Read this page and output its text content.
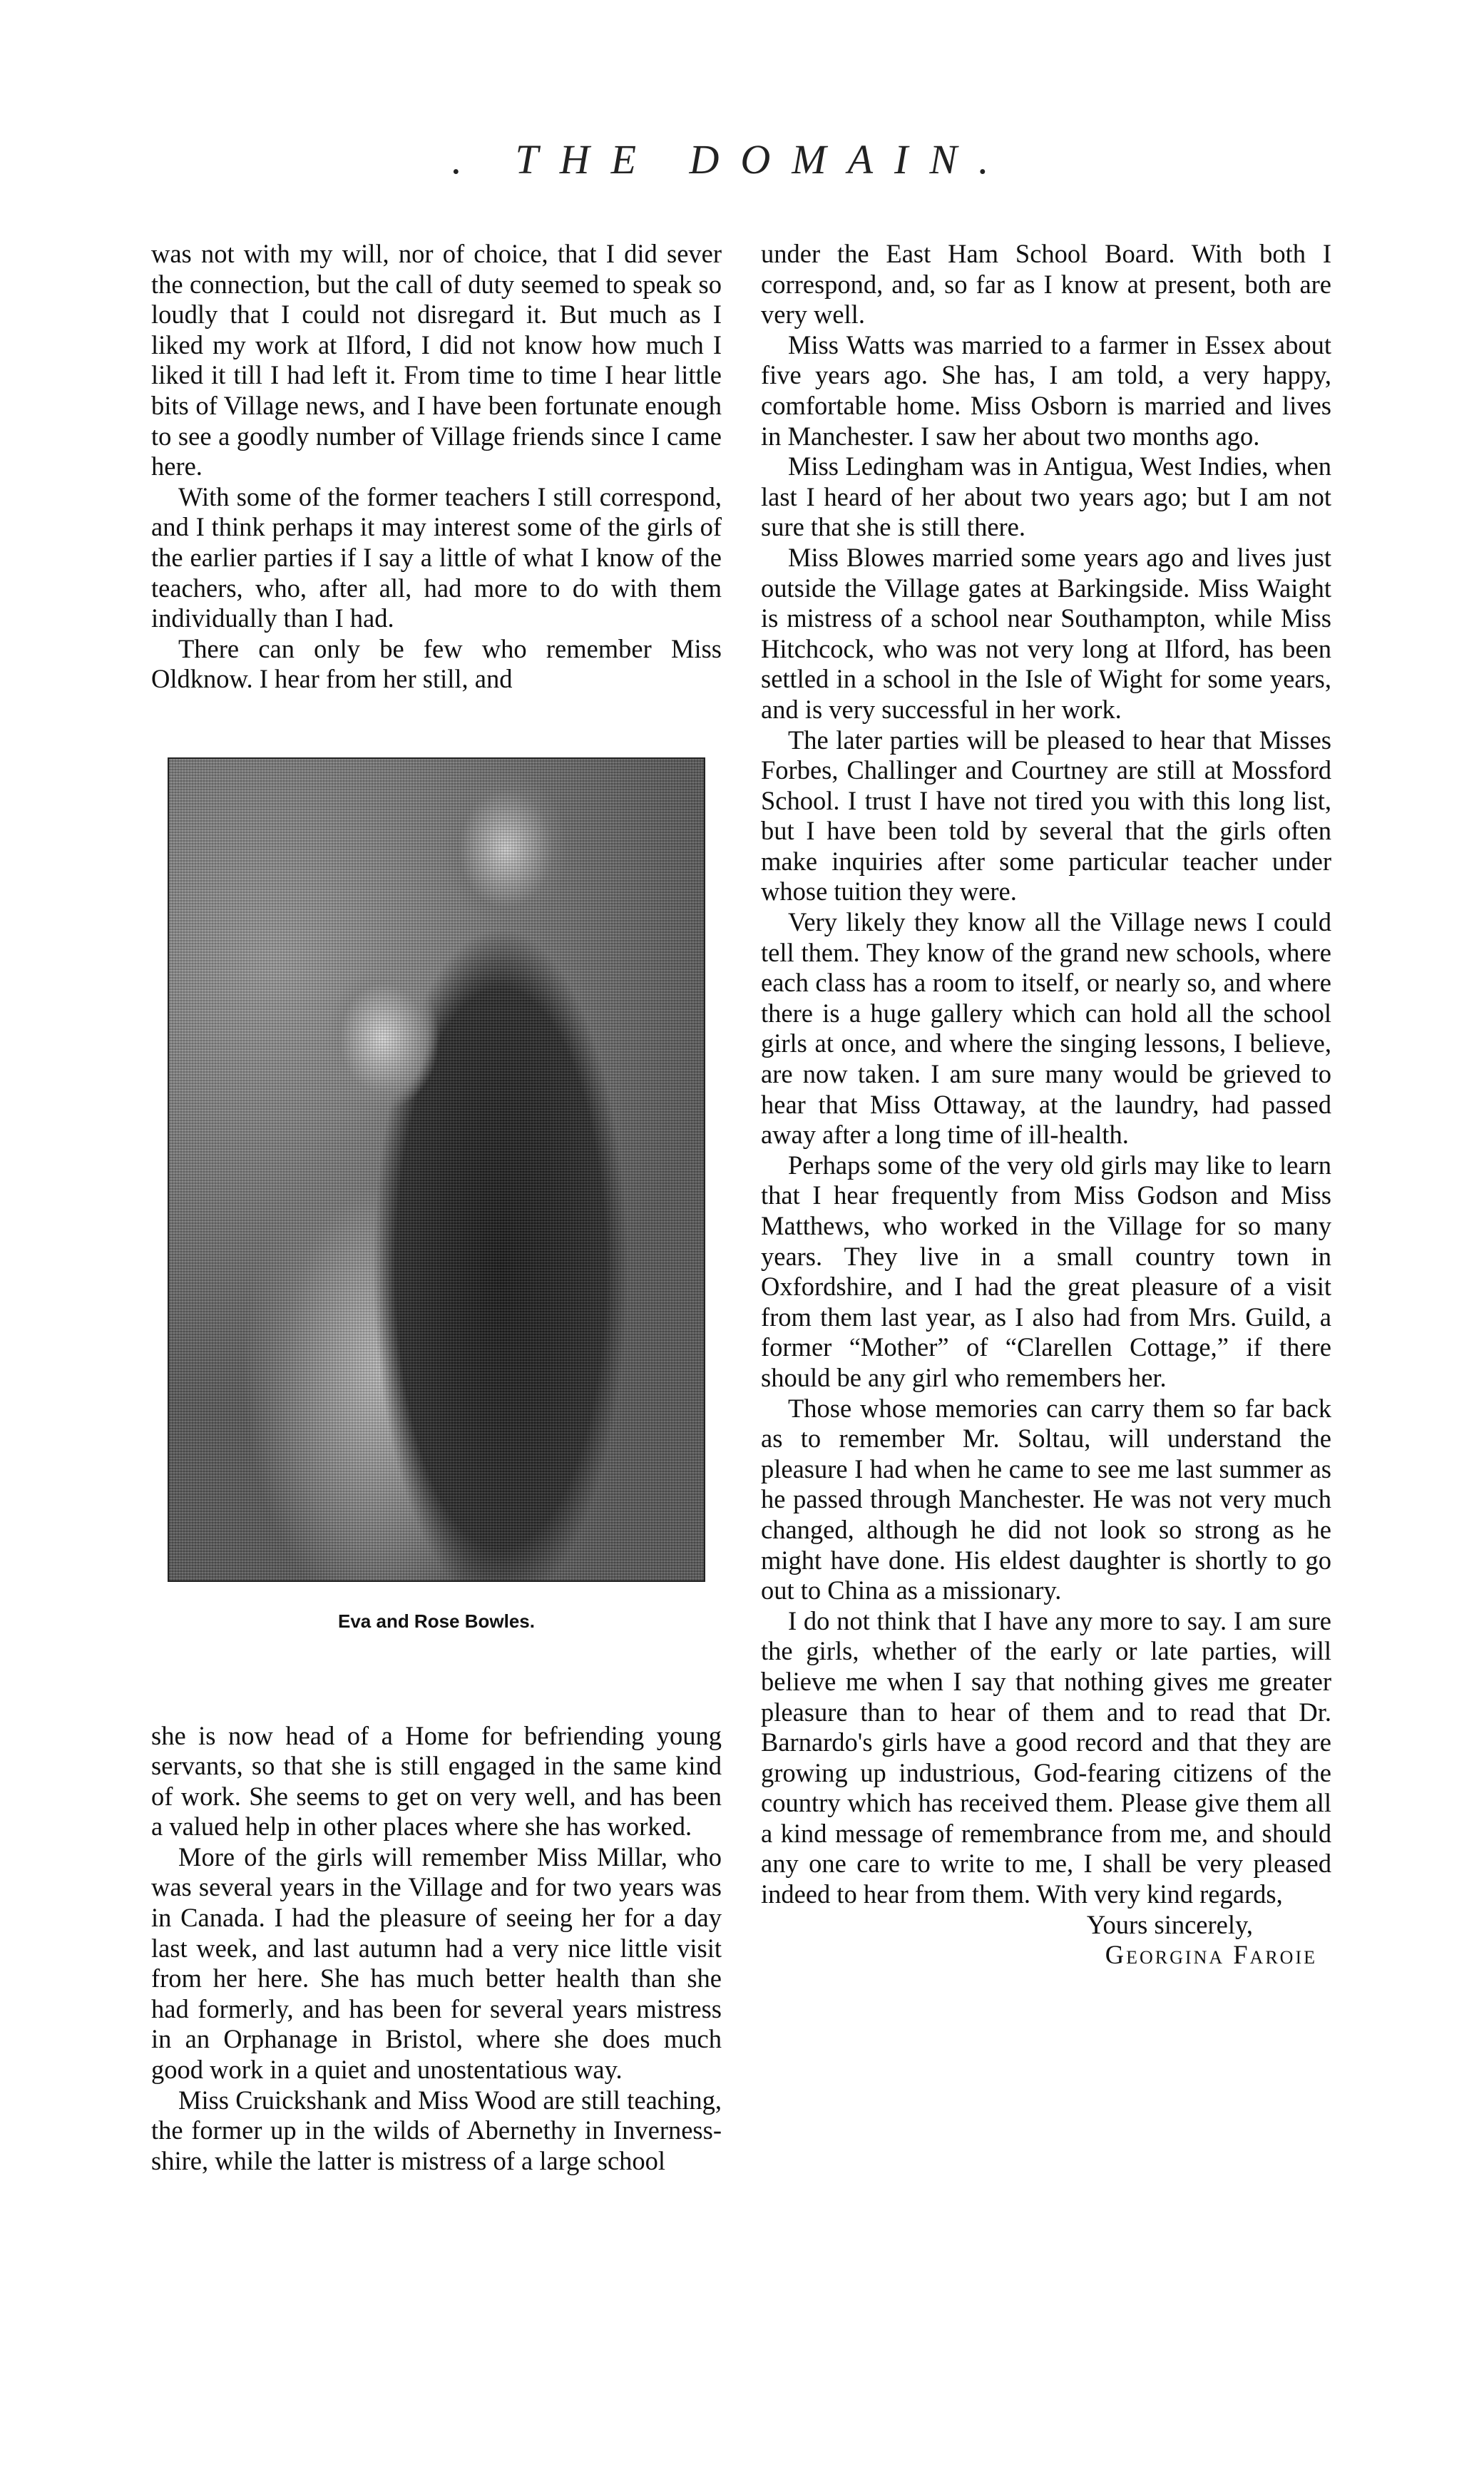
. THE DOMAIN.

was not with my will, nor of choice, that I did sever the connection, but the call of duty seemed to speak so loudly that I could not disregard it. But much as I liked my work at Ilford, I did not know how much I liked it till I had left it. From time to time I hear little bits of Village news, and I have been fortunate enough to see a goodly number of Village friends since I came here.

With some of the former teachers I still correspond, and I think perhaps it may interest some of the girls of the earlier parties if I say a little of what I know of the teachers, who, after all, had more to do with them individually than I had.

There can only be few who remember Miss Oldknow. I hear from her still, and

Eva and Rose Bowles.

she is now head of a Home for befriending young servants, so that she is still engaged in the same kind of work. She seems to get on very well, and has been a valued help in other places where she has worked.

More of the girls will remember Miss Millar, who was several years in the Village and for two years was in Canada. I had the pleasure of seeing her for a day last week, and last autumn had a very nice little visit from her here. She has much better health than she had formerly, and has been for several years mistress in an Orphanage in Bristol, where she does much good work in a quiet and unostentatious way.

Miss Cruickshank and Miss Wood are still teaching, the former up in the wilds of Abernethy in Inverness-shire, while the latter is mistress of a large school

under the East Ham School Board. With both I correspond, and, so far as I know at present, both are very well.

Miss Watts was married to a farmer in Essex about five years ago. She has, I am told, a very happy, comfortable home. Miss Osborn is married and lives in Manchester. I saw her about two months ago.

Miss Ledingham was in Antigua, West Indies, when last I heard of her about two years ago; but I am not sure that she is still there.

Miss Blowes married some years ago and lives just outside the Village gates at Barkingside. Miss Waight is mistress of a school near Southampton, while Miss Hitchcock, who was not very long at Ilford, has been settled in a school in the Isle of Wight for some years, and is very successful in her work.

The later parties will be pleased to hear that Misses Forbes, Challinger and Courtney are still at Mossford School. I trust I have not tired you with this long list, but I have been told by several that the girls often make inquiries after some particular teacher under whose tuition they were.

Very likely they know all the Village news I could tell them. They know of the grand new schools, where each class has a room to itself, or nearly so, and where there is a huge gallery which can hold all the school girls at once, and where the singing lessons, I believe, are now taken. I am sure many would be grieved to hear that Miss Ottaway, at the laundry, had passed away after a long time of ill-health.

Perhaps some of the very old girls may like to learn that I hear frequently from Miss Godson and Miss Matthews, who worked in the Village for so many years. They live in a small country town in Oxfordshire, and I had the great pleasure of a visit from them last year, as I also had from Mrs. Guild, a former “Mother” of “Clarellen Cottage,” if there should be any girl who remembers her.

Those whose memories can carry them so far back as to remember Mr. Soltau, will understand the pleasure I had when he came to see me last summer as he passed through Manchester. He was not very much changed, although he did not look so strong as he might have done. His eldest daughter is shortly to go out to China as a missionary.

I do not think that I have any more to say. I am sure the girls, whether of the early or late parties, will believe me when I say that nothing gives me greater pleasure than to hear of them and to read that Dr. Barnardo's girls have a good record and that they are growing up industrious, God-fearing citizens of the country which has received them. Please give them all a kind message of remembrance from me, and should any one care to write to me, I shall be very pleased indeed to hear from them. With very kind regards,

Yours sincerely,
Georgina Faroie
